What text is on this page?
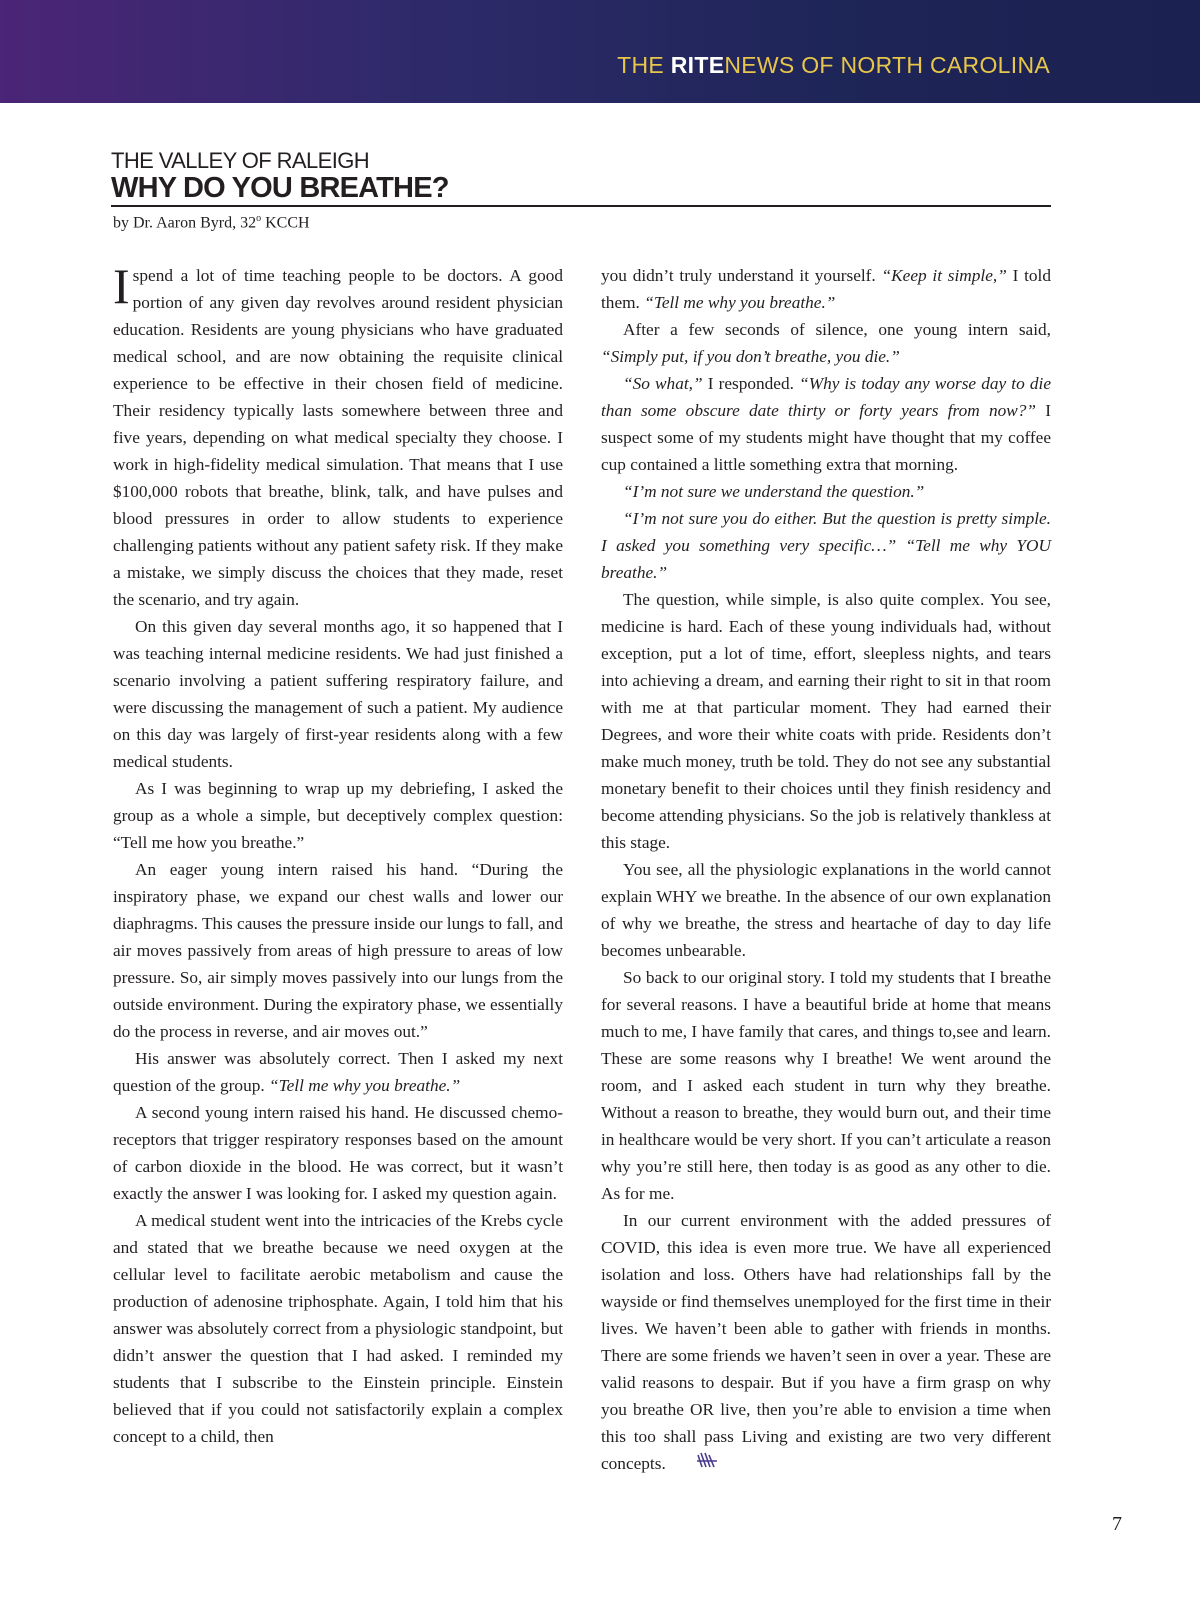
THE RITENEWS OF NORTH CAROLINA
THE VALLEY OF RALEIGH
WHY DO YOU BREATHE?
by Dr. Aaron Byrd, 32$^o$ KCCH

I spend a lot of time teaching people to be doctors. A good portion of any given day revolves around resident physician education. Residents are young physicians who have graduated medical school, and are now obtaining the requisite clinical experience to be effective in their chosen field of medicine. Their residency typically lasts somewhere between three and five years, depending on what medical specialty they choose. I work in high-fidelity medical simulation. That means that I use $100,000 robots that breathe, blink, talk, and have pulses and blood pressures in order to allow students to experience challenging patients without any patient safety risk. If they make a mistake, we simply discuss the choices that they made, reset the scenario, and try again.

On this given day several months ago, it so happened that I was teaching internal medicine residents. We had just finished a scenario involving a patient suffering respiratory failure, and were discussing the management of such a patient. My audience on this day was largely of first-year residents along with a few medical students.

As I was beginning to wrap up my debriefing, I asked the group as a whole a simple, but deceptively complex question: “Tell me how you breathe.”

An eager young intern raised his hand. “During the inspiratory phase, we expand our chest walls and lower our diaphragms. This causes the pressure inside our lungs to fall, and air moves passively from areas of high pressure to areas of low pressure. So, air simply moves passively into our lungs from the outside environment. During the expiratory phase, we essentially do the process in reverse, and air moves out.”

His answer was absolutely correct. Then I asked my next question of the group. “Tell me why you breathe.”

A second young intern raised his hand. He discussed chemo-receptors that trigger respiratory responses based on the amount of carbon dioxide in the blood. He was correct, but it wasn’t exactly the answer I was looking for. I asked my question again.

A medical student went into the intricacies of the Krebs cycle and stated that we breathe because we need oxygen at the cellular level to facilitate aerobic metabolism and cause the production of adenosine triphosphate. Again, I told him that his answer was absolutely correct from a physiologic standpoint, but didn’t answer the question that I had asked. I reminded my students that I subscribe to the Einstein principle. Einstein believed that if you could not satisfactorily explain a complex concept to a child, then

you didn’t truly understand it yourself. “Keep it simple,” I told them. “Tell me why you breathe.”

After a few seconds of silence, one young intern said, “Simply put, if you don’t breathe, you die.”

“So what,” I responded. “Why is today any worse day to die than some obscure date thirty or forty years from now?” I suspect some of my students might have thought that my coffee cup contained a little something extra that morning.

“I’m not sure we understand the question.”

“I’m not sure you do either. But the question is pretty simple. I asked you something very specific…” “Tell me why YOU breathe.”

The question, while simple, is also quite complex. You see, medicine is hard. Each of these young individuals had, without exception, put a lot of time, effort, sleepless nights, and tears into achieving a dream, and earning their right to sit in that room with me at that particular moment. They had earned their Degrees, and wore their white coats with pride. Residents don’t make much money, truth be told. They do not see any substantial monetary benefit to their choices until they finish residency and become attending physicians. So the job is relatively thankless at this stage.

You see, all the physiologic explanations in the world cannot explain WHY we breathe. In the absence of our own explanation of why we breathe, the stress and heartache of day to day life becomes unbearable.

So back to our original story. I told my students that I breathe for several reasons. I have a beautiful bride at home that means much to me, I have family that cares, and things to,see and learn. These are some reasons why I breathe! We went around the room, and I asked each student in turn why they breathe. Without a reason to breathe, they would burn out, and their time in healthcare would be very short. If you can’t articulate a reason why you’re still here, then today is as good as any other to die. As for me.

In our current environment with the added pressures of COVID, this idea is even more true. We have all experienced isolation and loss. Others have had relationships fall by the wayside or find themselves unemployed for the first time in their lives. We haven’t been able to gather with friends in months. There are some friends we haven’t seen in over a year. These are valid reasons to despair. But if you have a firm grasp on why you breathe OR live, then you’re able to envision a time when this too shall pass Living and existing are two very different concepts.

7
